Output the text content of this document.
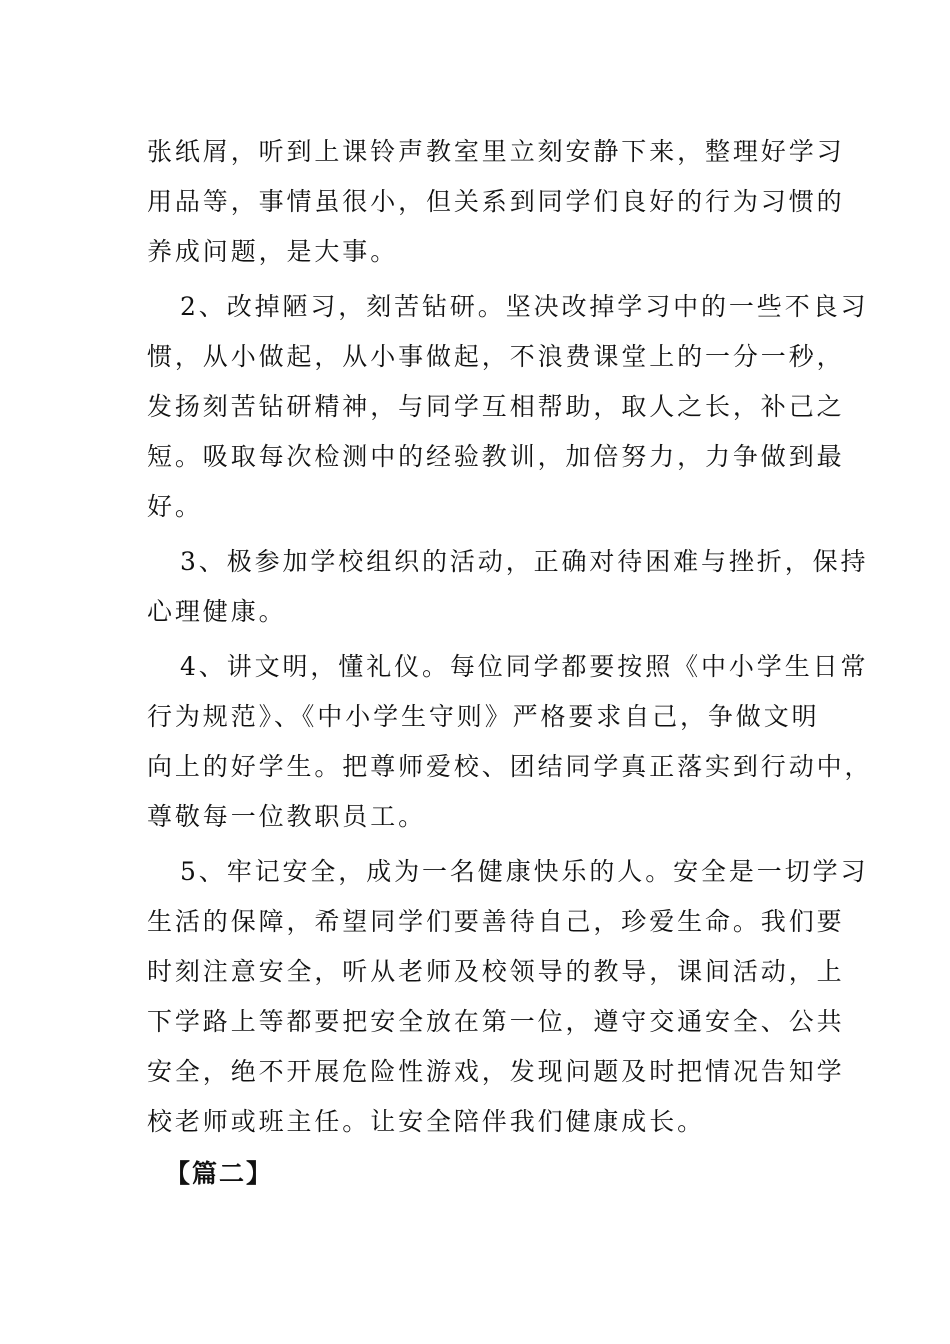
张纸屑，听到上课铃声教室里立刻安静下来，整理好学习
用品等，事情虽很小，但关系到同学们良好的行为习惯的
养成问题，是大事。
2、改掉陋习，刻苦钻研。坚决改掉学习中的一些不良习
惯，从小做起，从小事做起，不浪费课堂上的一分一秒，
发扬刻苦钻研精神，与同学互相帮助，取人之长，补己之
短。吸取每次检测中的经验教训，加倍努力，力争做到最
好。
3、极参加学校组织的活动，正确对待困难与挫折，保持
心理健康。
4、讲文明，懂礼仪。每位同学都要按照《中小学生日常
行为规范》、《中小学生守则》严格要求自己，争做文明
向上的好学生。把尊师爱校、团结同学真正落实到行动中，
尊敬每一位教职员工。
5、牢记安全，成为一名健康快乐的人。安全是一切学习
生活的保障，希望同学们要善待自己，珍爱生命。我们要
时刻注意安全，听从老师及校领导的教导，课间活动，上
下学路上等都要把安全放在第一位，遵守交通安全、公共
安全，绝不开展危险性游戏，发现问题及时把情况告知学
校老师或班主任。让安全陪伴我们健康成长。
【篇二】
